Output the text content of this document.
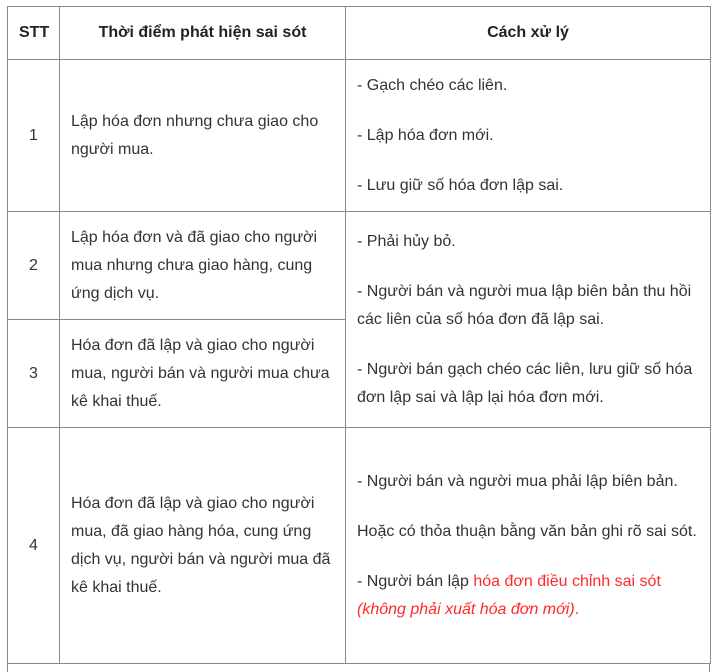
STT	Thời điểm phát hiện sai sót	Cách xử lý
1	Lập hóa đơn nhưng chưa giao cho người mua.	- Gạch chéo các liên.

- Lập hóa đơn mới.

- Lưu giữ số hóa đơn lập sai.

2	Lập hóa đơn và đã giao cho người mua nhưng chưa giao hàng, cung ứng dịch vụ.	- Phải hủy bỏ.

- Người bán và người mua lập biên bản thu hồi các liên của số hóa đơn đã lập sai.

- Người bán gạch chéo các liên, lưu giữ số hóa đơn lập sai và lập lại hóa đơn mới.

3	Hóa đơn đã lập và giao cho người mua, người bán và người mua chưa kê khai thuế.	

4	Hóa đơn đã lập và giao cho người mua, đã giao hàng hóa, cung ứng dịch vụ, người bán và người mua đã kê khai thuế.	- Người bán và người mua phải lập biên bản.

Hoặc có thỏa thuận bằng văn bản ghi rõ sai sót.

- Người bán lập hóa đơn điều chỉnh sai sót (không phải xuất hóa đơn mới).
